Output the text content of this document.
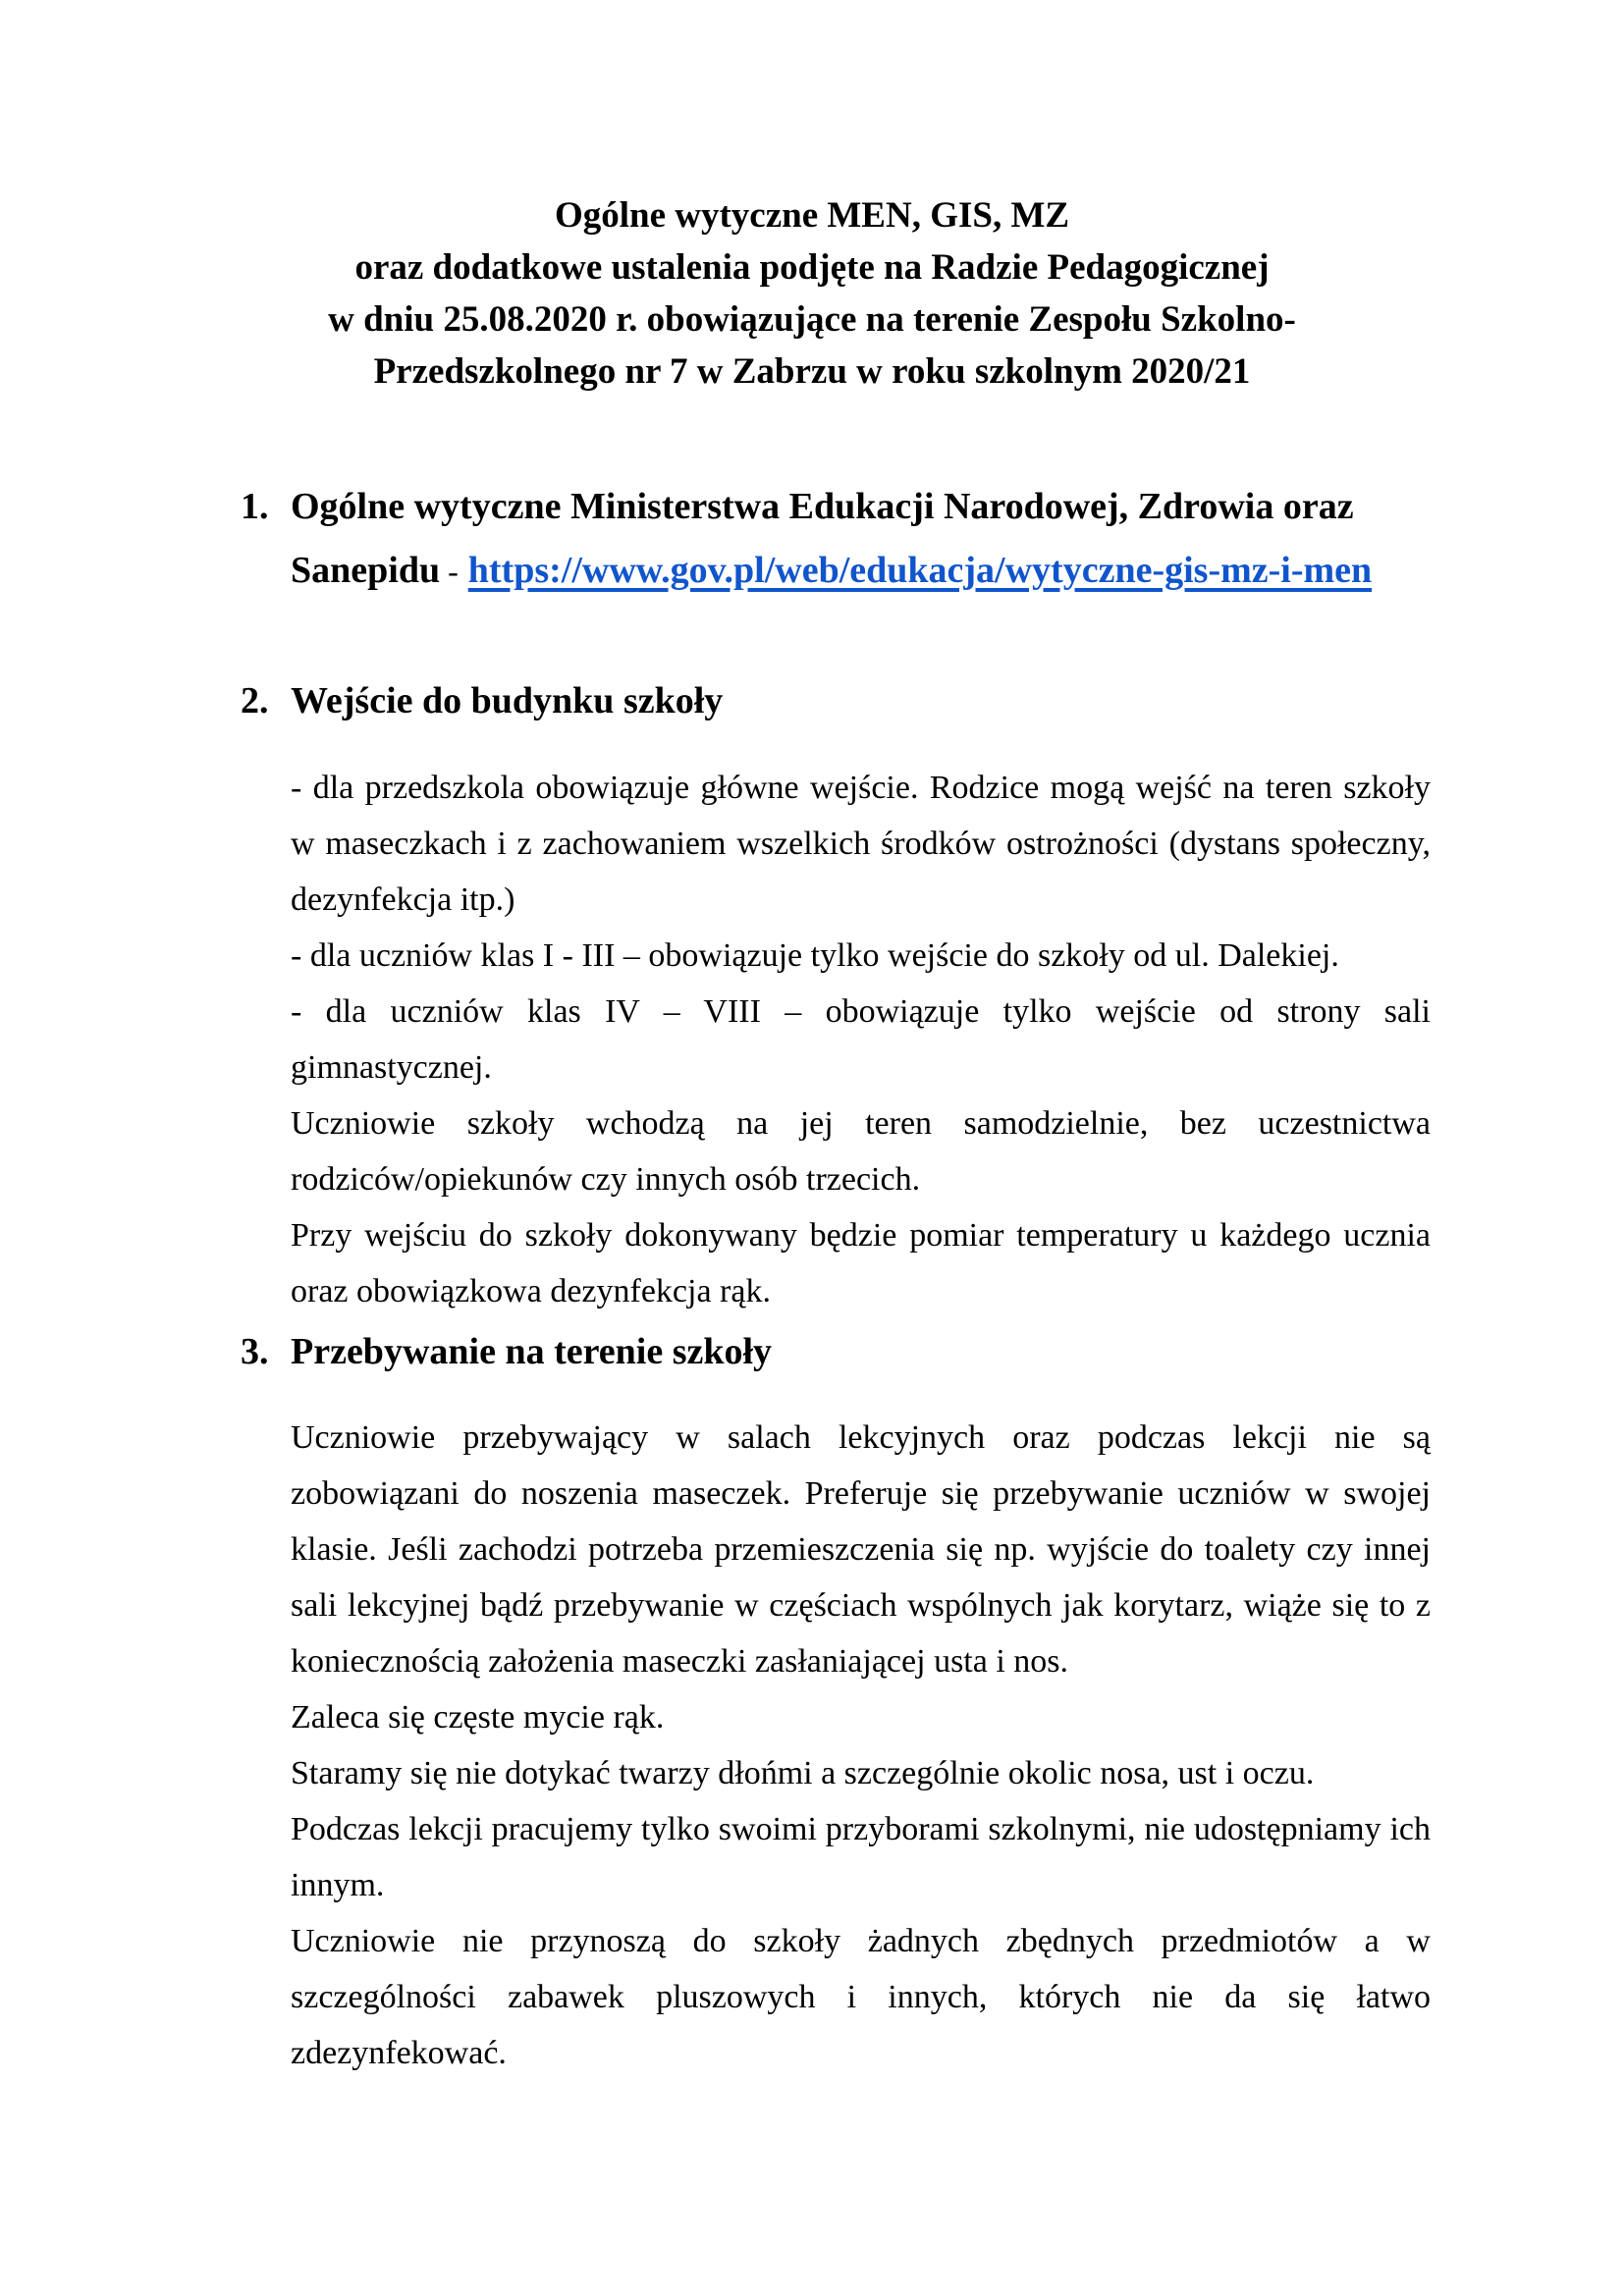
Ogólne wytyczne MEN, GIS, MZ
oraz dodatkowe ustalenia podjęte na Radzie Pedagogicznej
w dniu 25.08.2020 r. obowiązujące na terenie Zespołu Szkolno-
Przedszkolnego nr 7 w Zabrzu w roku szkolnym 2020/21
1. Ogólne wytyczne Ministerstwa Edukacji Narodowej, Zdrowia oraz
Sanepidu - https://www.gov.pl/web/edukacja/wytyczne-gis-mz-i-men
2. Wejście do budynku szkoły

- dla przedszkola obowiązuje główne wejście. Rodzice mogą wejść na teren szkoły w maseczkach i z zachowaniem wszelkich środków ostrożności (dystans społeczny, dezynfekcja itp.)

- dla uczniów klas I - III – obowiązuje tylko wejście do szkoły od ul. Dalekiej.

- dla uczniów klas IV – VIII – obowiązuje tylko wejście od strony sali gimnastycznej.

Uczniowie szkoły wchodzą na jej teren samodzielnie, bez uczestnictwa rodziców/opiekunów czy innych osób trzecich.

Przy wejściu do szkoły dokonywany będzie pomiar temperatury u każdego ucznia oraz obowiązkowa dezynfekcja rąk.

3. Przebywanie na terenie szkoły

Uczniowie przebywający w salach lekcyjnych oraz podczas lekcji nie są zobowiązani do noszenia maseczek. Preferuje się przebywanie uczniów w swojej klasie. Jeśli zachodzi potrzeba przemieszczenia się np. wyjście do toalety czy innej sali lekcyjnej bądź przebywanie w częściach wspólnych jak korytarz, wiąże się to z koniecznością założenia maseczki zasłaniającej usta i nos.

Zaleca się częste mycie rąk.

Staramy się nie dotykać twarzy dłońmi a szczególnie okolic nosa, ust i oczu.

Podczas lekcji pracujemy tylko swoimi przyborami szkolnymi, nie udostępniamy ich innym.

Uczniowie nie przynoszą do szkoły żadnych zbędnych przedmiotów a w szczególności zabawek pluszowych i innych, których nie da się łatwo zdezynfekować.
